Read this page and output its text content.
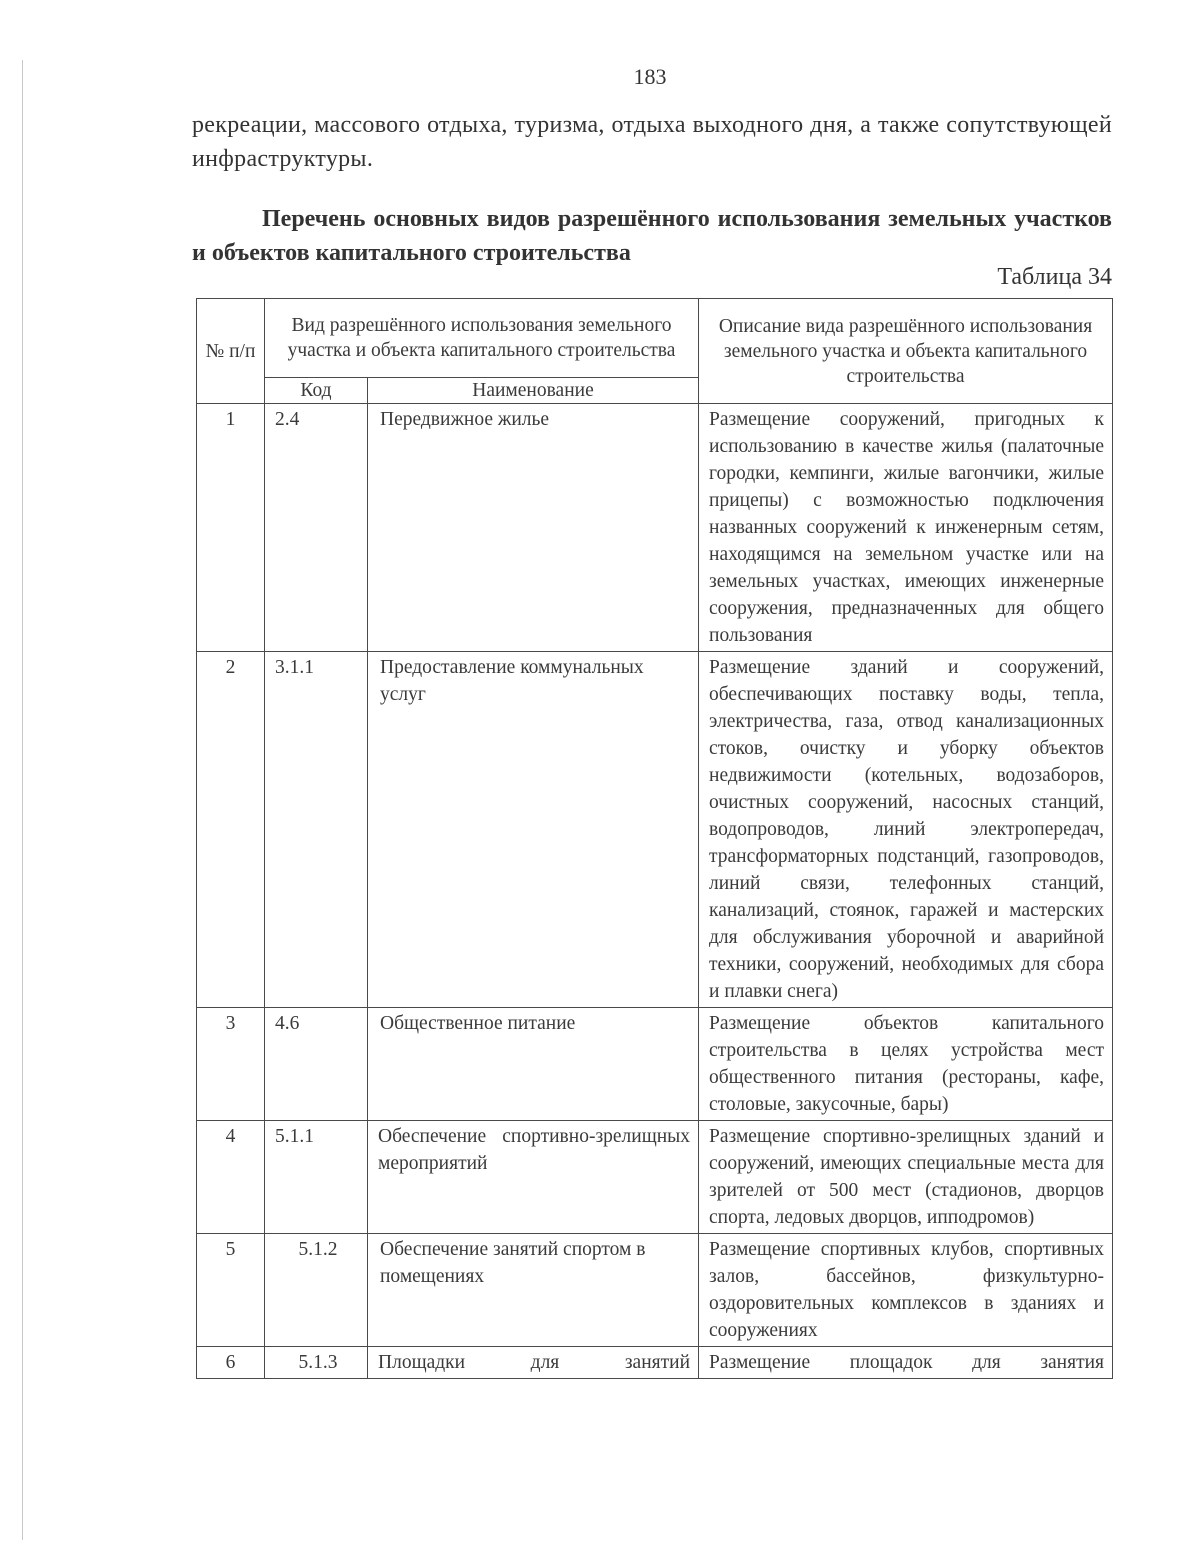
183
рекреации, массового отдыха, туризма, отдыха выходного дня, а также сопутствующей инфраструктуры.
Перечень основных видов разрешённого использования земельных участков и объектов капитального строительства
Таблица 34
№ п/п	Вид разрешённого использования земельного участка и объекта капитального строительства		Описание вида разрешённого использования земельного участка и объекта капитального строительства
	Код	Наименование	
1	2.4	Передвижное жилье	Размещение сооружений, пригодных к использованию в качестве жилья (палаточные городки, кемпинги, жилые вагончики, жилые прицепы) с возможностью подключения названных сооружений к инженерным сетям, находящимся на земельном участке или на земельных участках, имеющих инженерные сооружения, предназначенных для общего пользования
2	3.1.1	Предоставление коммунальных услуг	Размещение зданий и сооружений, обеспечивающих поставку воды, тепла, электричества, газа, отвод канализационных стоков, очистку и уборку объектов недвижимости (котельных, водозаборов, очистных сооружений, насосных станций, водопроводов, линий электропередач, трансформаторных подстанций, газопроводов, линий связи, телефонных станций, канализаций, стоянок, гаражей и мастерских для обслуживания уборочной и аварийной техники, сооружений, необходимых для сбора и плавки снега)
3	4.6	Общественное питание	Размещение объектов капитального строительства в целях устройства мест общественного питания (рестораны, кафе, столовые, закусочные, бары)
4	5.1.1	Обеспечение спортивно-зрелищных мероприятий	Размещение спортивно-зрелищных зданий и сооружений, имеющих специальные места для зрителей от 500 мест (стадионов, дворцов спорта, ледовых дворцов, ипподромов)
5	5.1.2	Обеспечение занятий спортом в помещениях	Размещение спортивных клубов, спортивных залов, бассейнов, физкультурно-оздоровительных комплексов в зданиях и сооружениях
6	5.1.3	Площадки для занятий	Размещение площадок для занятия
